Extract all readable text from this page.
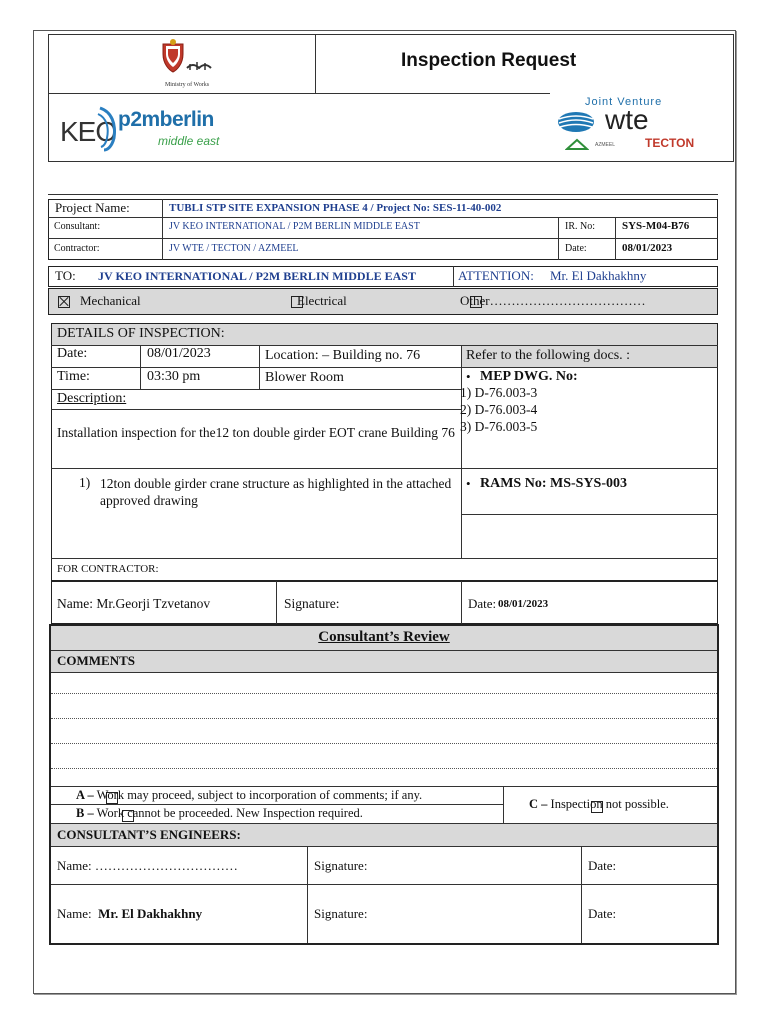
Ministry of Works
Inspection Request
KEO p2mberlin
middle east
Joint Venture
wte
AZMEEL TECTON
Project Name:	TUBLI STP SITE EXPANSION PHASE 4 / Project No: SES-11-40-002
Consultant:	JV KEO INTERNATIONAL / P2M BERLIN MIDDLE EAST	IR. No: SYS-M04-B76
Contractor:	JV WTE / TECTON / AZMEEL	Date:	08/01/2023
TO: JV KEO INTERNATIONAL / P2M BERLIN MIDDLE EAST	ATTENTION: Mr. El Dakhakhny

Mechanical
	Electrical
	Other………………………………
DETAILS OF INSPECTION:
Date:	08/01/2023	Location: – Building no. 76	Refer to the following docs. :
Time:	03:30 pm	Blower Room
Description:
Installation inspection for the12 ton double girder EOT crane Building 76
1) 12ton double girder crane structure as highlighted in the attached approved drawing
• MEP DWG. No:
1) D-76.003-3
2) D-76.003-4
3) D-76.003-5
• RAMS No: MS-SYS-003
FOR CONTRACTOR:
Name: Mr.Georji Tzvetanov	Signature:	Date: 08/01/2023
Consultant’s Review
COMMENTS

A – Work may proceed, subject to incorporation of comments; if any.

B – Work cannot be proceeded. New Inspection required.
C – Inspection not possible.
CONSULTANT’S ENGINEERS:
Name: ……………………………	Signature:	Date:
Name: Mr. El Dakhakhny	Signature:	Date:
